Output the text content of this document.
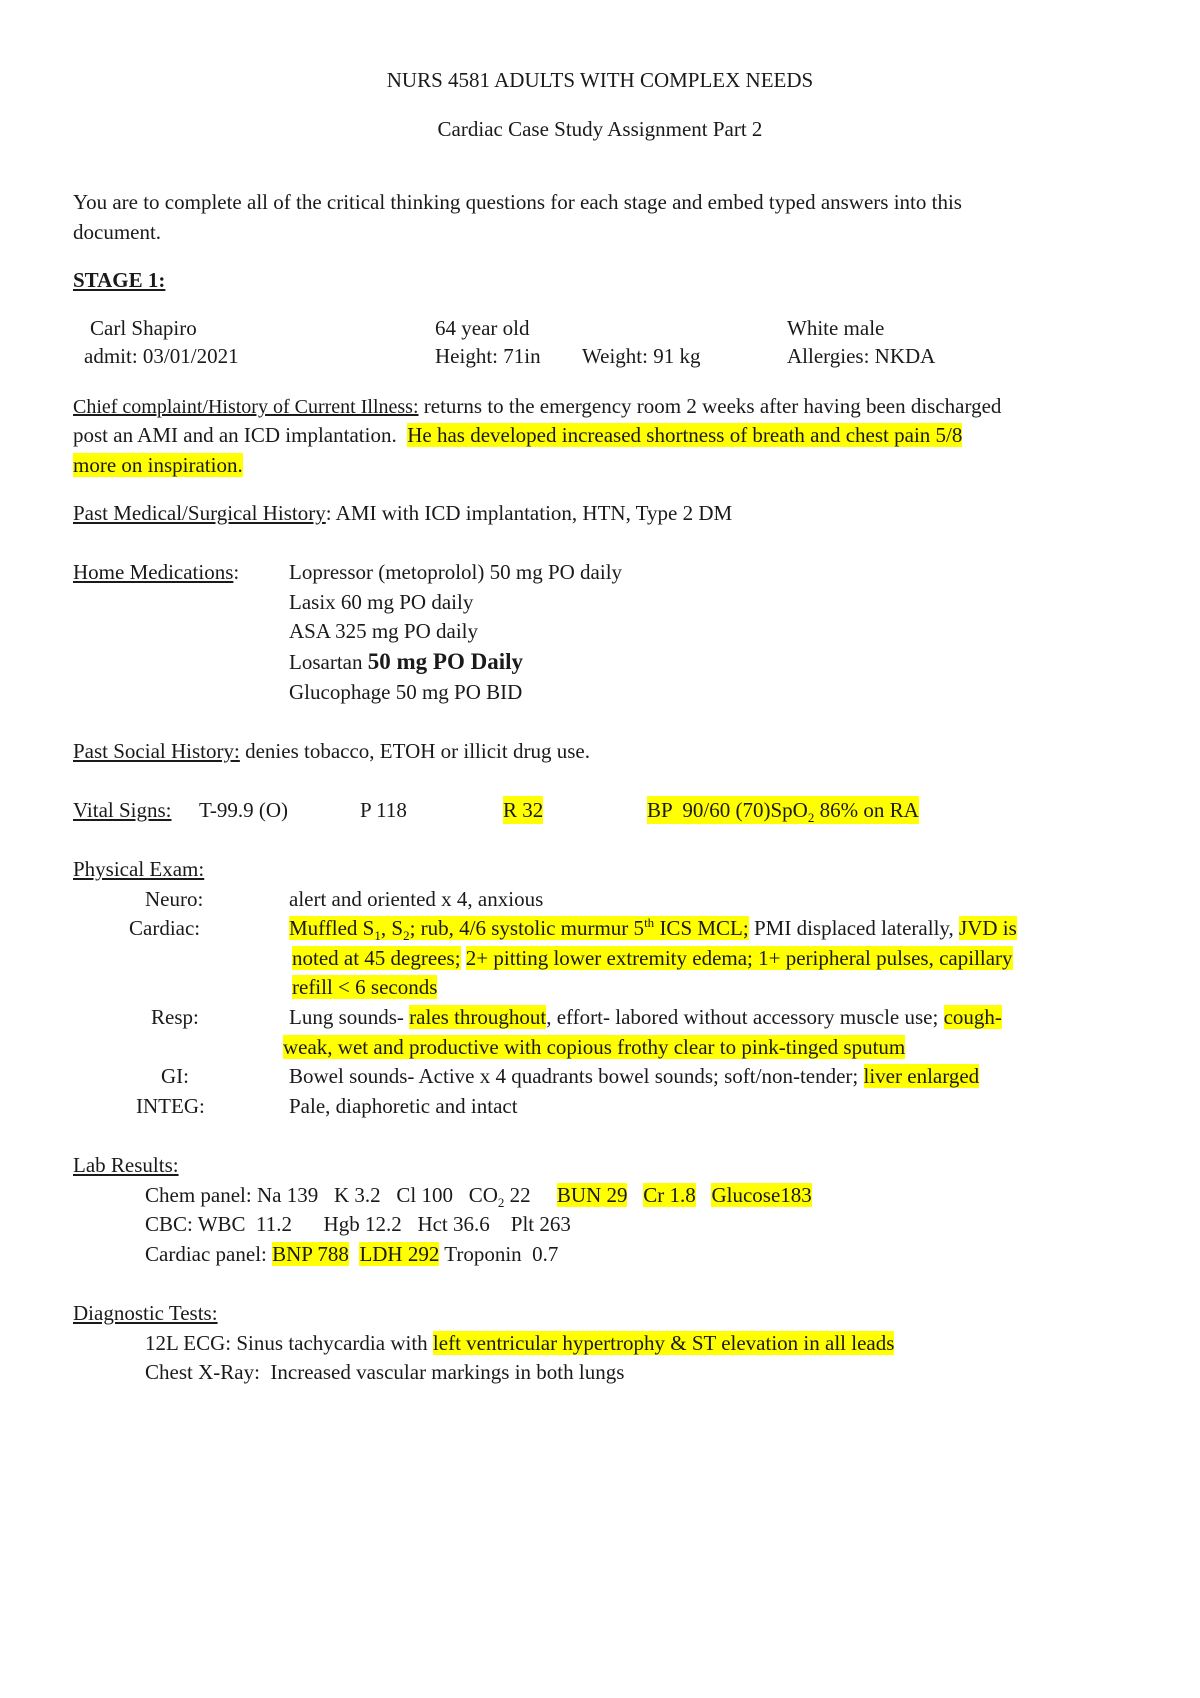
NURS 4581 ADULTS WITH COMPLEX NEEDS
Cardiac Case Study Assignment Part 2
You are to complete all of the critical thinking questions for each stage and embed typed answers into this
document.
STAGE 1:
Carl Shapiro	64 year old	White male
admit: 03/01/2021	Height: 71in Weight: 91 kg	Allergies: NKDA
Chief complaint/History of Current Illness: returns to the emergency room 2 weeks after having been discharged
post an AMI and an ICD implantation.  He has developed increased shortness of breath and chest pain 5/8
more on inspiration.
Past Medical/Surgical History: AMI with ICD implantation, HTN, Type 2 DM
Home Medications: Lopressor (metoprolol) 50 mg PO daily
Lasix 60 mg PO daily
ASA 325 mg PO daily
Losartan 50 mg PO Daily
Glucophage 50 mg PO BID
Past Social History: denies tobacco, ETOH or illicit drug use.
Vital Signs: T-99.9 (O)	P 118	R 32	BP  90/60 (70)SpO$_2$ 86% on RA
Physical Exam:
Neuro:	alert and oriented x 4, anxious
Cardiac:	Muffled $S_1$, $S_2$; rub, 4/6 systolic murmur 5th ICS MCL; PMI displaced laterally, JVD is
noted at 45 degrees; 2+ pitting lower extremity edema; 1+ peripheral pulses, capillary
refill < 6 seconds
Resp:	Lung sounds- rales throughout, effort- labored without accessory muscle use; cough-
weak, wet and productive with copious frothy clear to pink-tinged sputum
GI:	Bowel sounds- Active x 4 quadrants bowel sounds; soft/non-tender; liver enlarged
INTEG:	Pale, diaphoretic and intact
Lab Results:
Chem panel: Na 139   K 3.2   Cl 100   $CO_2$ 22     BUN 29 Cr 1.8 Glucose183
CBC: WBC  11.2      Hgb 12.2   Hct 36.6    Plt 263
Cardiac panel: BNP 788 LDH 292 Troponin  0.7
Diagnostic Tests:
12L ECG: Sinus tachycardia with left ventricular hypertrophy & ST elevation in all leads
Chest X-Ray:  Increased vascular markings in both lungs
